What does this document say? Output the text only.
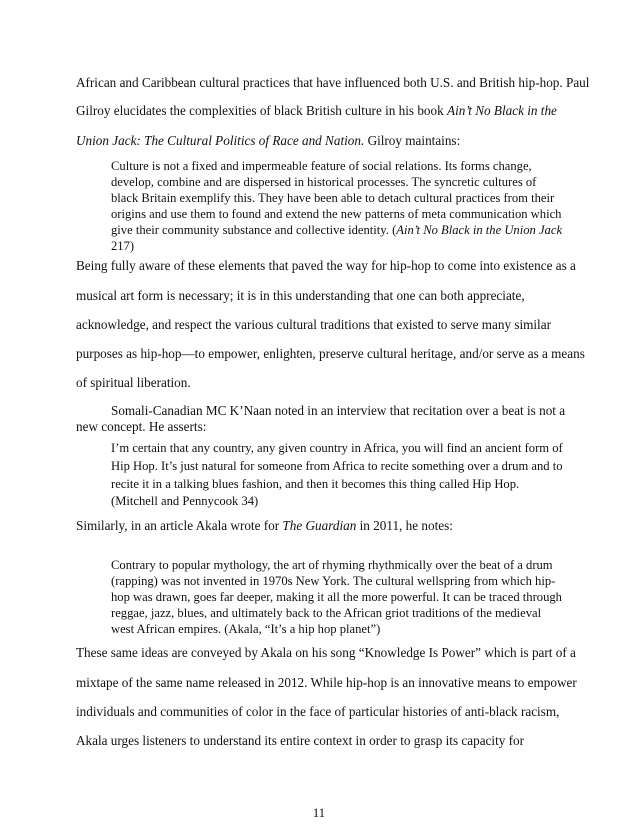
African and Caribbean cultural practices that have influenced both U.S. and British hip-hop. Paul
Gilroy elucidates the complexities of black British culture in his book Ain’t No Black in the
Union Jack: The Cultural Politics of Race and Nation. Gilroy maintains:
Culture is not a fixed and impermeable feature of social relations. Its forms change,
develop, combine and are dispersed in historical processes. The syncretic cultures of
black Britain exemplify this. They have been able to detach cultural practices from their
origins and use them to found and extend the new patterns of meta communication which
give their community substance and collective identity. (Ain’t No Black in the Union Jack
217)
Being fully aware of these elements that paved the way for hip-hop to come into existence as a
musical art form is necessary; it is in this understanding that one can both appreciate,
acknowledge, and respect the various cultural traditions that existed to serve many similar
purposes as hip-hop—to empower, enlighten, preserve cultural heritage, and/or serve as a means
of spiritual liberation.
Somali-Canadian MC K’Naan noted in an interview that recitation over a beat is not a
new concept. He asserts:
I’m certain that any country, any given country in Africa, you will find an ancient form of
Hip Hop. It’s just natural for someone from Africa to recite something over a drum and to
recite it in a talking blues fashion, and then it becomes this thing called Hip Hop.
(Mitchell and Pennycook 34)
Similarly, in an article Akala wrote for The Guardian in 2011, he notes:
Contrary to popular mythology, the art of rhyming rhythmically over the beat of a drum
(rapping) was not invented in 1970s New York. The cultural wellspring from which hip-
hop was drawn, goes far deeper, making it all the more powerful. It can be traced through
reggae, jazz, blues, and ultimately back to the African griot traditions of the medieval
west African empires. (Akala, “It’s a hip hop planet”)
These same ideas are conveyed by Akala on his song “Knowledge Is Power” which is part of a
mixtape of the same name released in 2012. While hip-hop is an innovative means to empower
individuals and communities of color in the face of particular histories of anti-black racism,
Akala urges listeners to understand its entire context in order to grasp its capacity for
11
